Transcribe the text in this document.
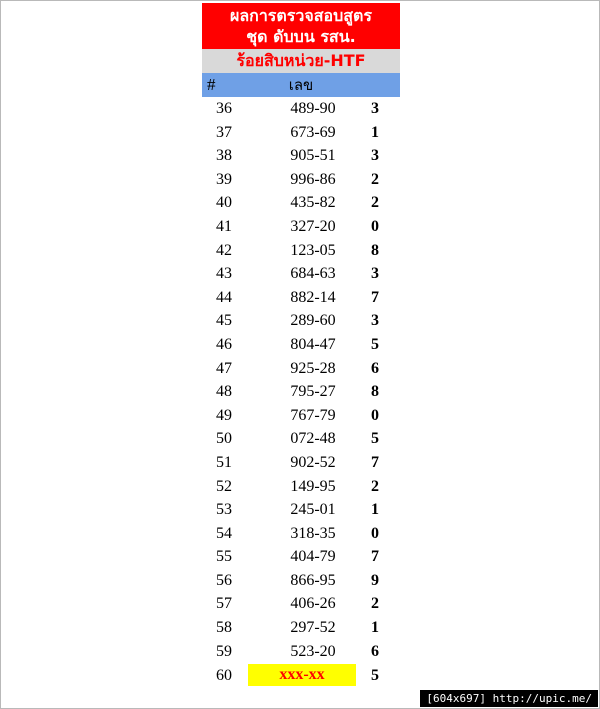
ผลการตรวจสอบสูตร
ชุด ดับบน รสน.
ร้อยสิบหน่วย-HTF
#	เลข
36	489-90	3
37	673-69	1
38	905-51	3
39	996-86	2
40	435-82	2
41	327-20	0
42	123-05	8
43	684-63	3
44	882-14	7
45	289-60	3
46	804-47	5
47	925-28	6
48	795-27	8
49	767-79	0
50	072-48	5
51	902-52	7
52	149-95	2
53	245-01	1
54	318-35	0
55	404-79	7
56	866-95	9
57	406-26	2
58	297-52	1
59	523-20	6
60	xxx-xx	5
[604x697] http://upic.me/
